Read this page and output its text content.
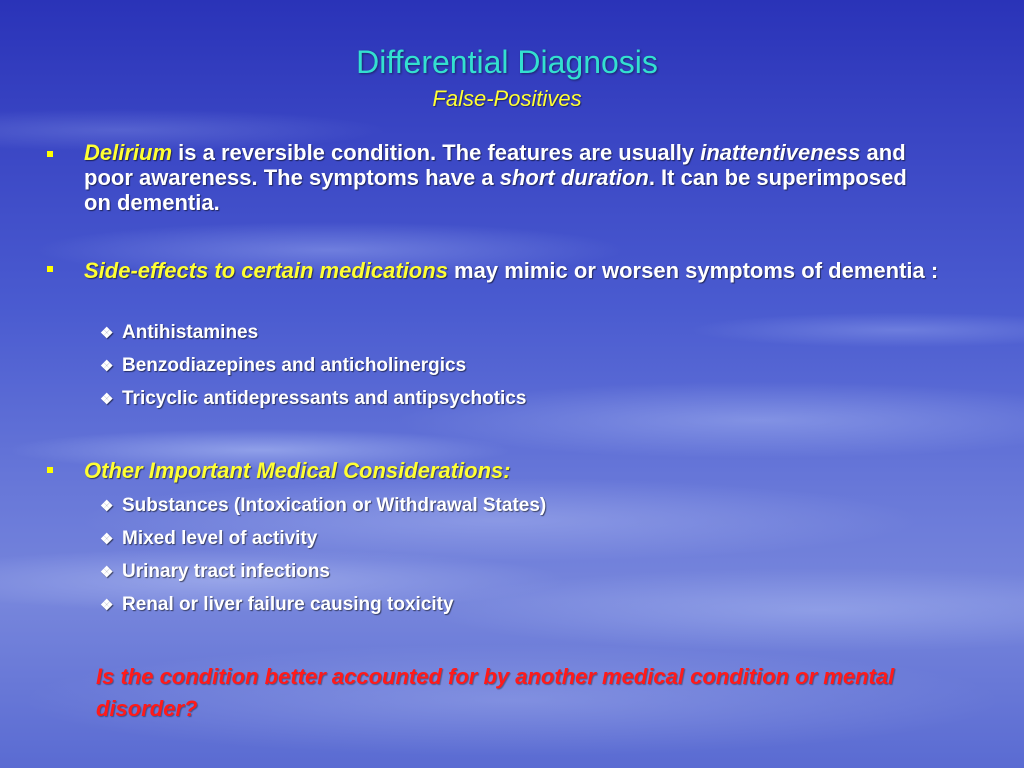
Differential Diagnosis
False-Positives
Delirium is a reversible condition. The features are usually inattentiveness and poor awareness. The symptoms have a short duration. It can be superimposed on dementia.
Side-effects to certain medications may mimic or worsen symptoms of dementia :
❖ Antihistamines
❖ Benzodiazepines and anticholinergics
❖ Tricyclic antidepressants and antipsychotics
Other Important Medical Considerations:
❖ Substances (Intoxication or Withdrawal States)
❖ Mixed level of activity
❖ Urinary tract infections
❖ Renal or liver failure causing toxicity
Is the condition better accounted for by another medical condition or mental disorder?
